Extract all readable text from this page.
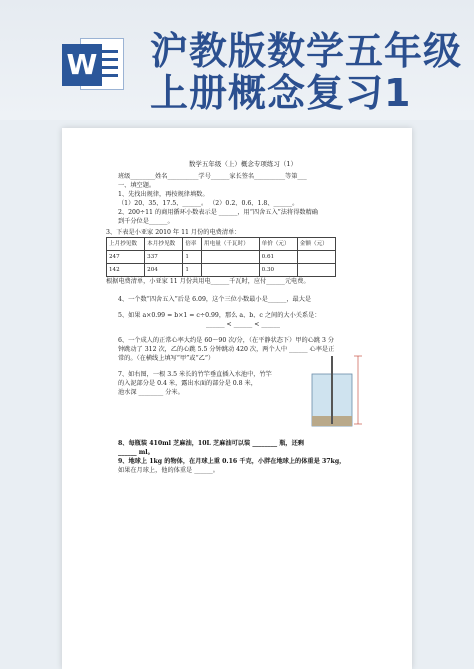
W 沪教版数学五年级
上册概念复习1
数学五年级（上）概念专项练习（1）
班级________姓名__________学号______家长签名__________等第___
一、填空题。
1、先找出规律，再按规律填数。
（1）20、35、17.5、______。 （2）0.2、0.6、1.8、______。
2、200÷11 的商用循环小数表示是 ______，用“四舍五入”法将得数精确
到千分位是______。
3、下表是小亚家 2010 年 11 月份的电费清单：
上月抄见数	本月抄见数	倍率	用电量（千瓦时）	单价（元）	金额（元）
247	337	1		0.61	
142	204	1		0.30	
根据电费清单，小亚家 11 月份共用电______千瓦时，应付______元电费。
4、一个数“四舍五入”后是 6.09，这个三位小数最小是______，最大是
5、如果 a×0.99 = b×1 = c÷0.99，那么 a、b、c 之间的大小关系是：
______ < ______ < ______
6、一个成人的正常心率大约是 60～90 次/分，（在平静状态下）甲的心跳 3 分
钟跳动了 312 次，乙的心跳 5.5 分钟跳动 420 次，两个人中 ______ 心率是正
常的。（在横线上填写“甲”或“乙”）
7、如右图，一根 3.5 米长的竹竿垂直插入水池中，竹竿
的入泥部分是 0.4 米，露出水面的部分是 0.8 米，
池水深 ________ 分米。
8、每瓶装 410ml 芝麻油，10L 芝麻油可以装 ________ 瓶，还剩
______ ml。
9、地球上 1kg 的物体，在月球上重 0.16 千克，小胖在地球上的体重是 37kg，
如果在月球上，他的体重是 ______。
